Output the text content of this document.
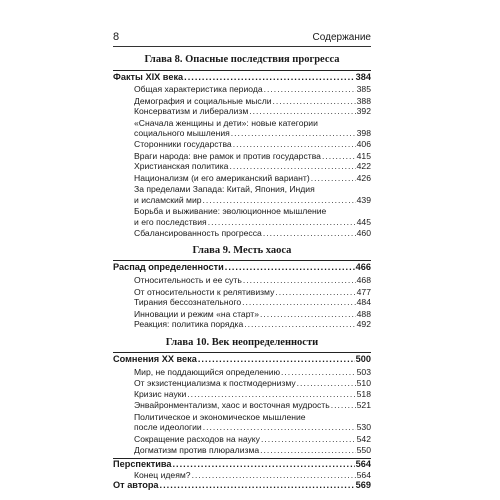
8	Содержание
Глава 8. Опасные последствия прогресса
Факты XIX века .....	384
Общая характеристика периода .....	385
Демография и социальные мысли .....	388
Консерватизм и либерализм .....	392
«Сначала женщины и дети»: новые категории
социального мышления .....	398
Сторонники государства .....	406
Враги народа: вне рамок и против государства .....	415
Христианская политика .....	422
Национализм (и его американский вариант) .....	426
За пределами Запада: Китай, Япония, Индия
и исламский мир .....	439
Борьба и выживание: эволюционное мышление
и его последствия .....	445
Сбалансированность прогресса .....	460
Глава 9. Месть хаоса
Распад определенности .....	466
Относительность и ее суть .....	468
От относительности к релятивизму .....	477
Тирания бессознательного .....	484
Инновации и режим «на старт» .....	488
Реакция: политика порядка .....	492
Глава 10. Век неопределенности
Сомнения XX века .....	500
Мир, не поддающийся определению .....	503
От экзистенциализма к постмодернизму .....	510
Кризис науки .....	518
Энвайронментализм, хаос и восточная мудрость .....	521
Политическое и экономическое мышление
после идеологии .....	530
Сокращение расходов на науку .....	542
Догматизм против плюрализма .....	550
Перспектива .....	564
Конец идеям? .....	564
От автора .....	569
